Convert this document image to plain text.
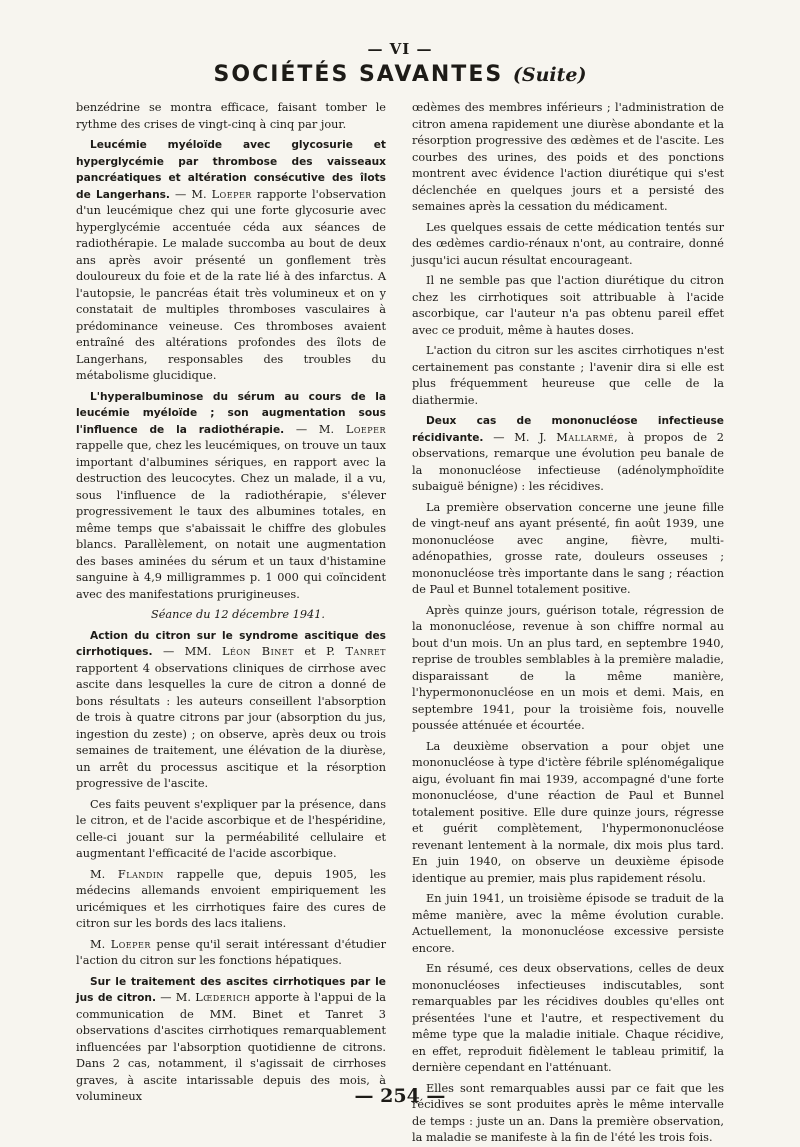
— VI —
SOCIÉTÉS SAVANTES (Suite)

benzédrine se montra efficace, faisant tomber le rythme des crises de vingt-cinq à cinq par jour.

Leucémie myéloïde avec glycosurie et hyperglycémie par thrombose des vaisseaux pancréatiques et altération consécutive des îlots de Langerhans. — M. Loeper rapporte l'observation d'un leucémique chez qui une forte glycosurie avec hyperglycémie accentuée céda aux séances de radiothérapie. Le malade succomba au bout de deux ans après avoir présenté un gonflement très douloureux du foie et de la rate lié à des infarctus. A l'autopsie, le pancréas était très volumineux et on y constatait de multiples thromboses vasculaires à prédominance veineuse. Ces thromboses avaient entraîné des altérations profondes des îlots de Langerhans, responsables des troubles du métabolisme glucidique.

L'hyperalbuminose du sérum au cours de la leucémie myéloïde ; son augmentation sous l'influence de la radiothérapie. — M. Loeper rappelle que, chez les leucémiques, on trouve un taux important d'albumines sériques, en rapport avec la destruction des leucocytes. Chez un malade, il a vu, sous l'influence de la radiothérapie, s'élever progressivement le taux des albumines totales, en même temps que s'abaissait le chiffre des globules blancs. Parallèlement, on notait une augmentation des bases aminées du sérum et un taux d'histamine sanguine à 4,9 milligrammes p. 1 000 qui coïncident avec des manifestations prurigineuses.

Séance du 12 décembre 1941.

Action du citron sur le syndrome ascitique des cirrhotiques. — MM. Léon Binet et P. Tanret rapportent 4 observations cliniques de cirrhose avec ascite dans lesquelles la cure de citron a donné de bons résultats : les auteurs conseillent l'absorption de trois à quatre citrons par jour (absorption du jus, ingestion du zeste) ; on observe, après deux ou trois semaines de traitement, une élévation de la diurèse, un arrêt du processus ascitique et la résorption progressive de l'ascite.

Ces faits peuvent s'expliquer par la présence, dans le citron, et de l'acide ascorbique et de l'hespéridine, celle-ci jouant sur la perméabilité cellulaire et augmentant l'efficacité de l'acide ascorbique.

M. Flandin rappelle que, depuis 1905, les médecins allemands envoient empiriquement les uricémiques et les cirrhotiques faire des cures de citron sur les bords des lacs italiens.

M. Loeper pense qu'il serait intéressant d'étudier l'action du citron sur les fonctions hépatiques.

Sur le traitement des ascites cirrhotiques par le jus de citron. — M. Lœderich apporte à l'appui de la communication de MM. Binet et Tanret 3 observations d'ascites cirrhotiques remarquablement influencées par l'absorption quotidienne de citrons. Dans 2 cas, notamment, il s'agissait de cirrhoses graves, à ascite intarissable depuis des mois, à volumineux

œdèmes des membres inférieurs ; l'administration de citron amena rapidement une diurèse abondante et la résorption progressive des œdèmes et de l'ascite. Les courbes des urines, des poids et des ponctions montrent avec évidence l'action diurétique qui s'est déclenchée en quelques jours et a persisté des semaines après la cessation du médicament.

Les quelques essais de cette médication tentés sur des œdèmes cardio-rénaux n'ont, au contraire, donné jusqu'ici aucun résultat encourageant.

Il ne semble pas que l'action diurétique du citron chez les cirrhotiques soit attribuable à l'acide ascorbique, car l'auteur n'a pas obtenu pareil effet avec ce produit, même à hautes doses.

L'action du citron sur les ascites cirrhotiques n'est certainement pas constante ; l'avenir dira si elle est plus fréquemment heureuse que celle de la diathermie.

Deux cas de mononucléose infectieuse récidivante. — M. J. Mallarmé, à propos de 2 observations, remarque une évolution peu banale de la mononucléose infectieuse (adénolymphoïdite subaiguë bénigne) : les récidives.

La première observation concerne une jeune fille de vingt-neuf ans ayant présenté, fin août 1939, une mononucléose avec angine, fièvre, multi-adénopathies, grosse rate, douleurs osseuses ; mononucléose très importante dans le sang ; réaction de Paul et Bunnel totalement positive.

Après quinze jours, guérison totale, régression de la mononucléose, revenue à son chiffre normal au bout d'un mois. Un an plus tard, en septembre 1940, reprise de troubles semblables à la première maladie, disparaissant de la même manière, l'hypermononucléose en un mois et demi. Mais, en septembre 1941, pour la troisième fois, nouvelle poussée atténuée et écourtée.

La deuxième observation a pour objet une mononucléose à type d'ictère fébrile splénomégalique aigu, évoluant fin mai 1939, accompagné d'une forte mononucléose, d'une réaction de Paul et Bunnel totalement positive. Elle dure quinze jours, régresse et guérit complètement, l'hypermononucléose revenant lentement à la normale, dix mois plus tard. En juin 1940, on observe un deuxième épisode identique au premier, mais plus rapidement résolu.

En juin 1941, un troisième épisode se traduit de la même manière, avec la même évolution curable. Actuellement, la mononucléose excessive persiste encore.

En résumé, ces deux observations, celles de deux mononucléoses infectieuses indiscutables, sont remarquables par les récidives doubles qu'elles ont présentées l'une et l'autre, et respectivement du même type que la maladie initiale. Chaque récidive, en effet, reproduit fidèlement le tableau primitif, la dernière cependant en l'atténuant.

Elles sont remarquables aussi par ce fait que les récidives se sont produites après le même intervalle de temps : juste un an. Dans la première observation, la maladie se manifeste à la fin de l'été les trois fois.

— 254 —
